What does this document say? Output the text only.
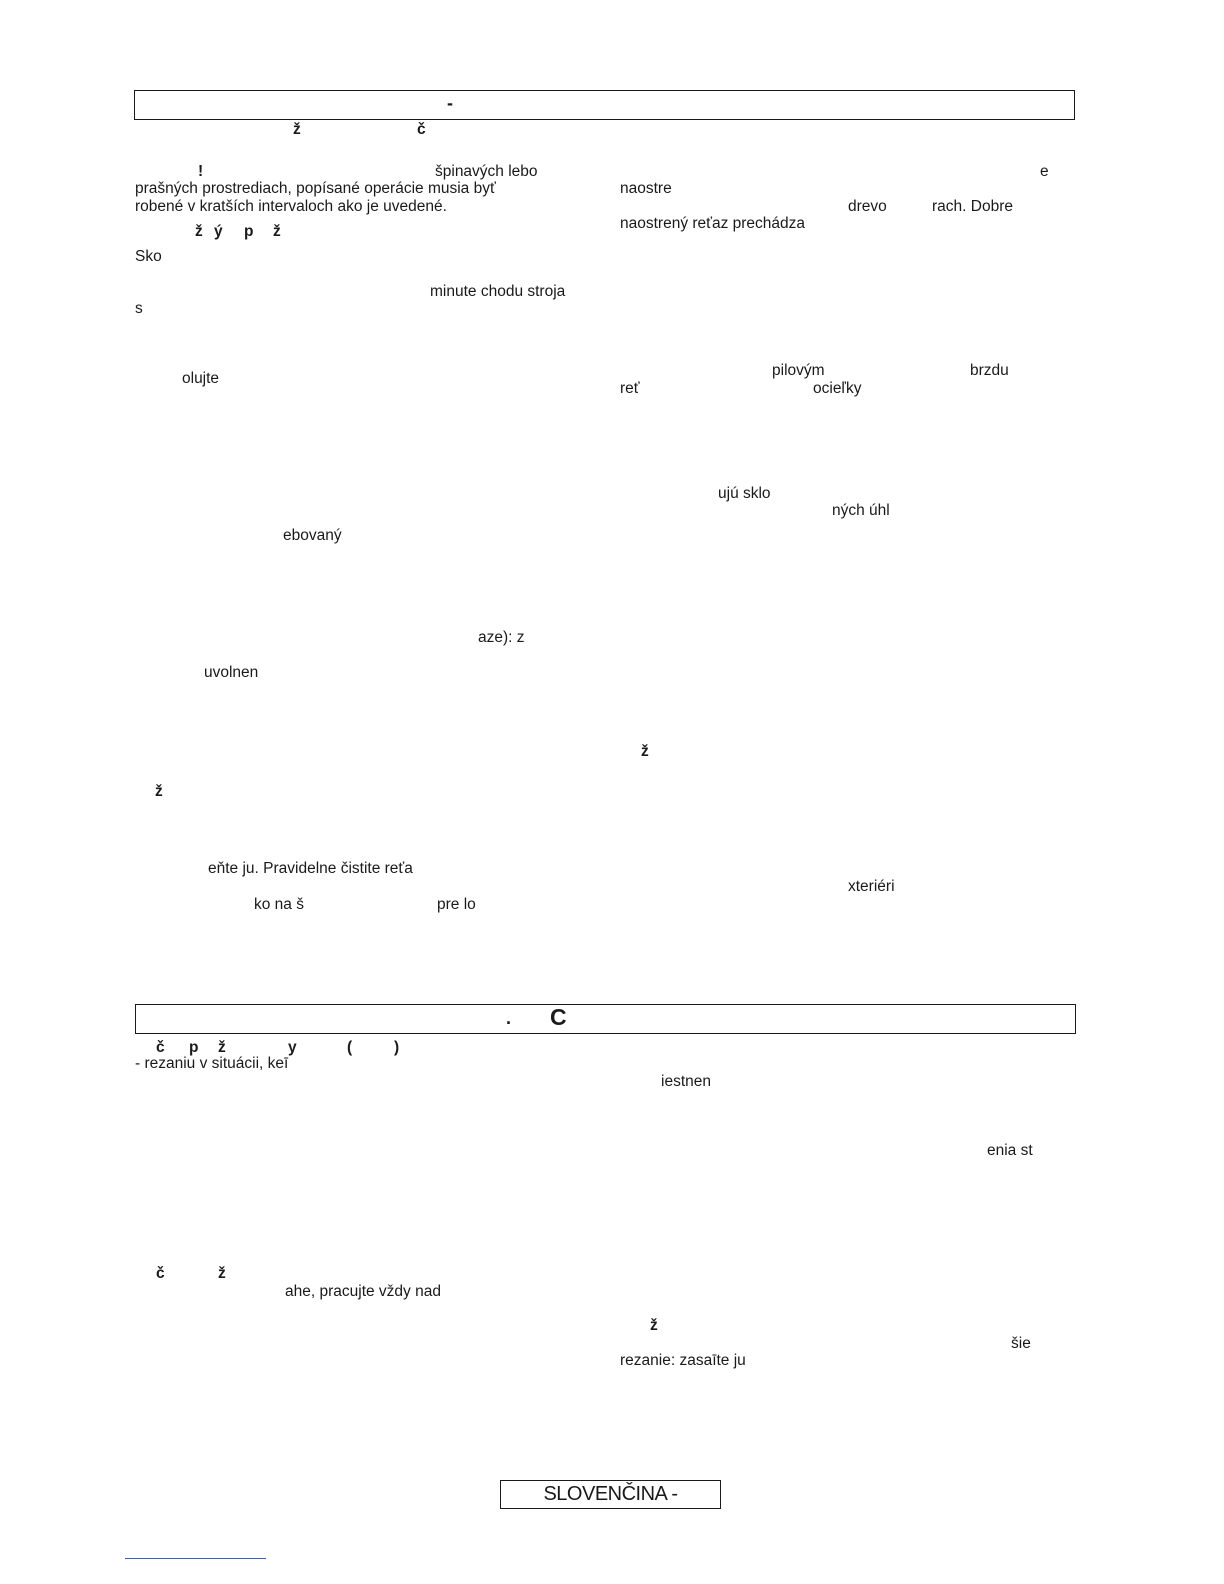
-
ž	č
!	špinavých lebo
prašných prostrediach, popísané operácie musia byť
robené v kratších intervaloch ako je uvedené.
ž ý p ž
Sko
minute chodu stroja
s
olujte
ebovaný
aze): z
uvolnen
ž
eňte ju. Pravidelne čistite reťa
ko na š	pre lo
e
naostre
drevo	rach. Dobre
naostrený reťaz prechádza
pilovým	brzdu
reť	ocieľky
ujú sklo
ných úhl
ž
xteriéri
. C
č p ž	y	(	)
- rezaniu v situácii, keī
č	ž
ahe, pracujte vždy nad
iestnen
enia st
ž
šie
rezanie: zasaīte ju
SLOVENČINA -
